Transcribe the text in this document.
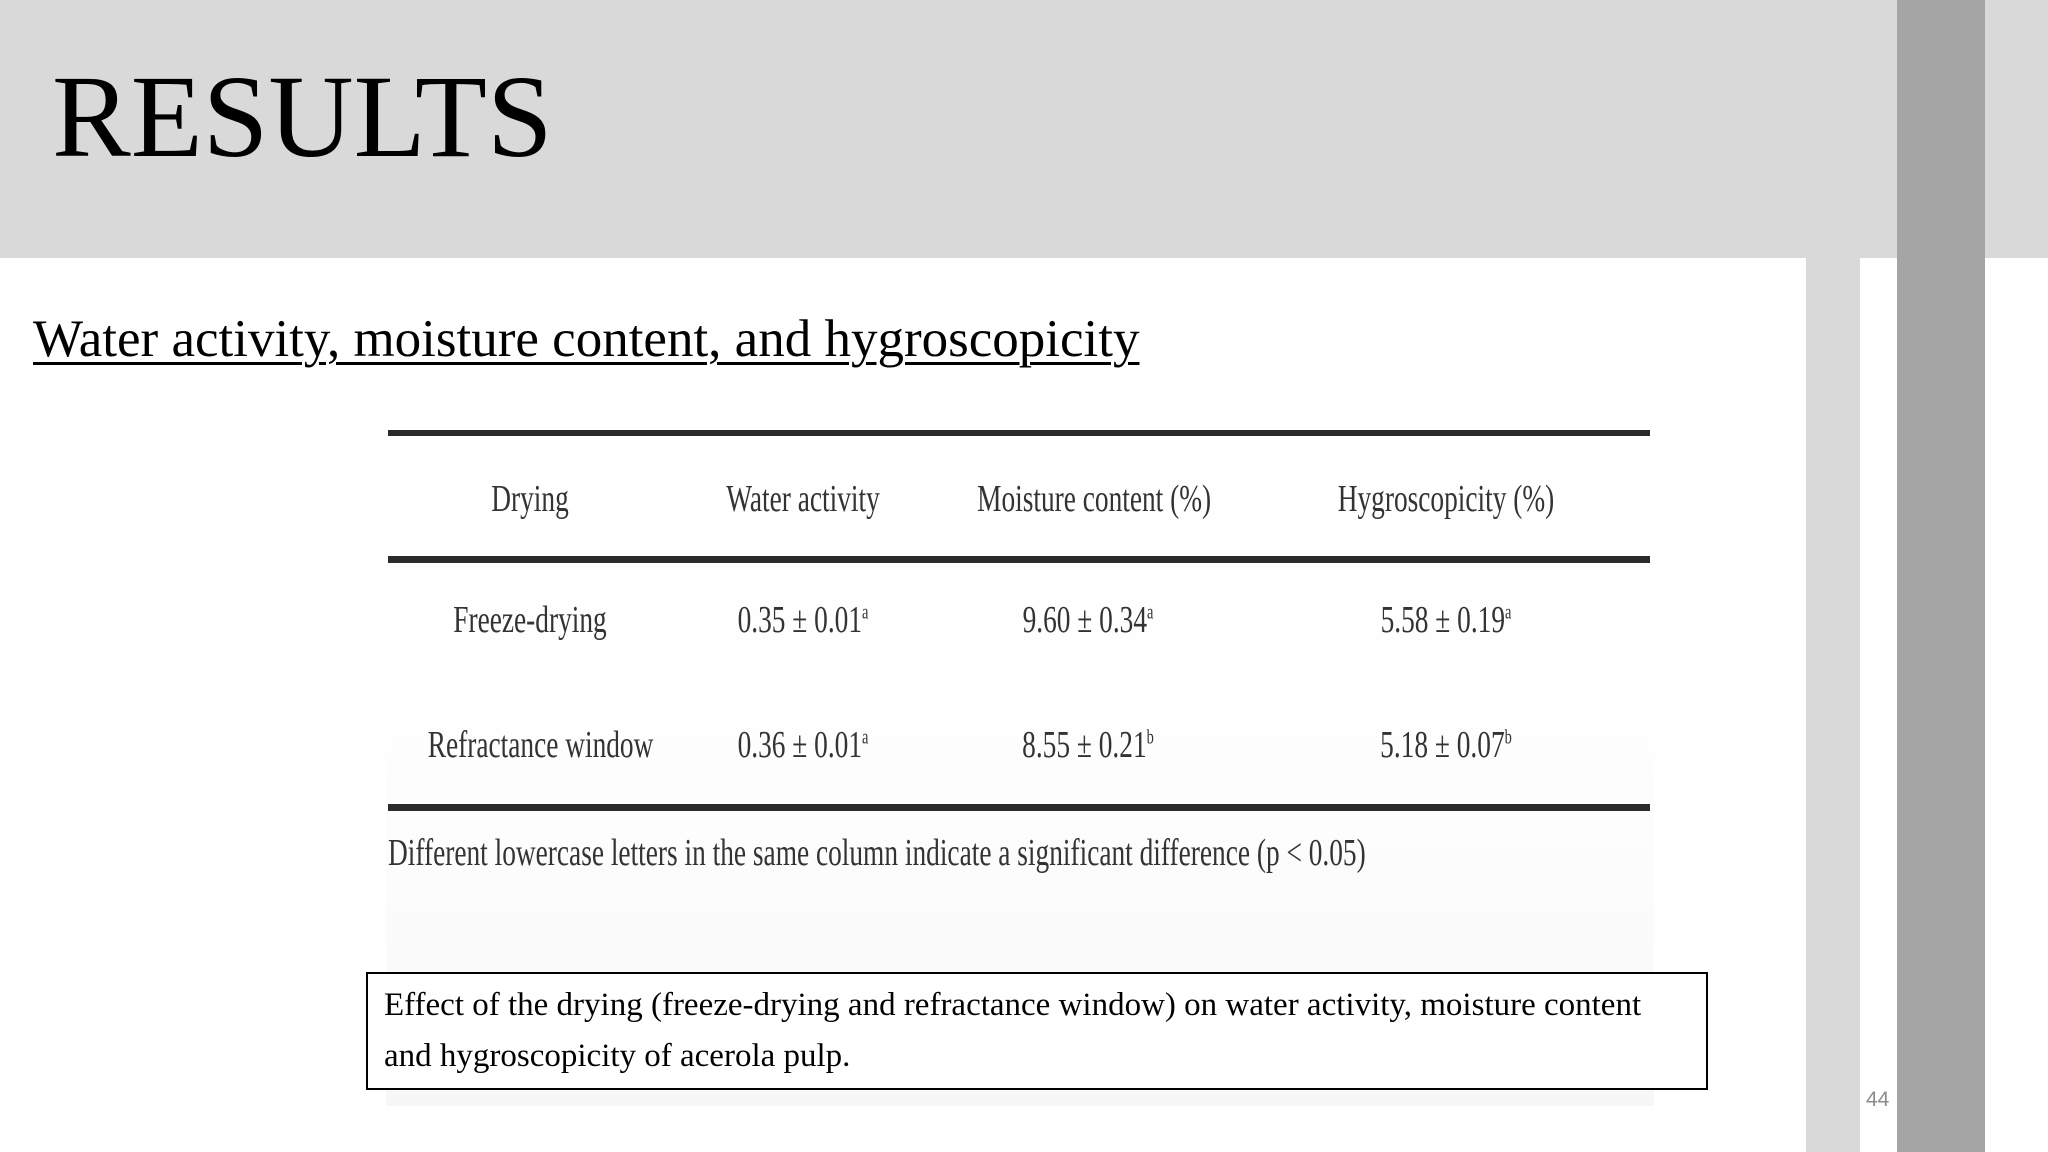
RESULTS
Water activity, moisture content, and hygroscopicity
Drying	Water activity	Moisture content (%)	Hygroscopicity (%)
Freeze-drying	0.35 ± 0.01$^a$	9.60 ± 0.34$^a$	5.58 ± 0.19$^a$
Refractance window	0.36 ± 0.01$^a$	8.55 ± 0.21$^b$	5.18 ± 0.07$^b$
Different lowercase letters in the same column indicate a significant difference (p < 0.05)

Effect of the drying (freeze-drying and refractance window) on water activity, moisture content and hygroscopicity of acerola pulp.

44
